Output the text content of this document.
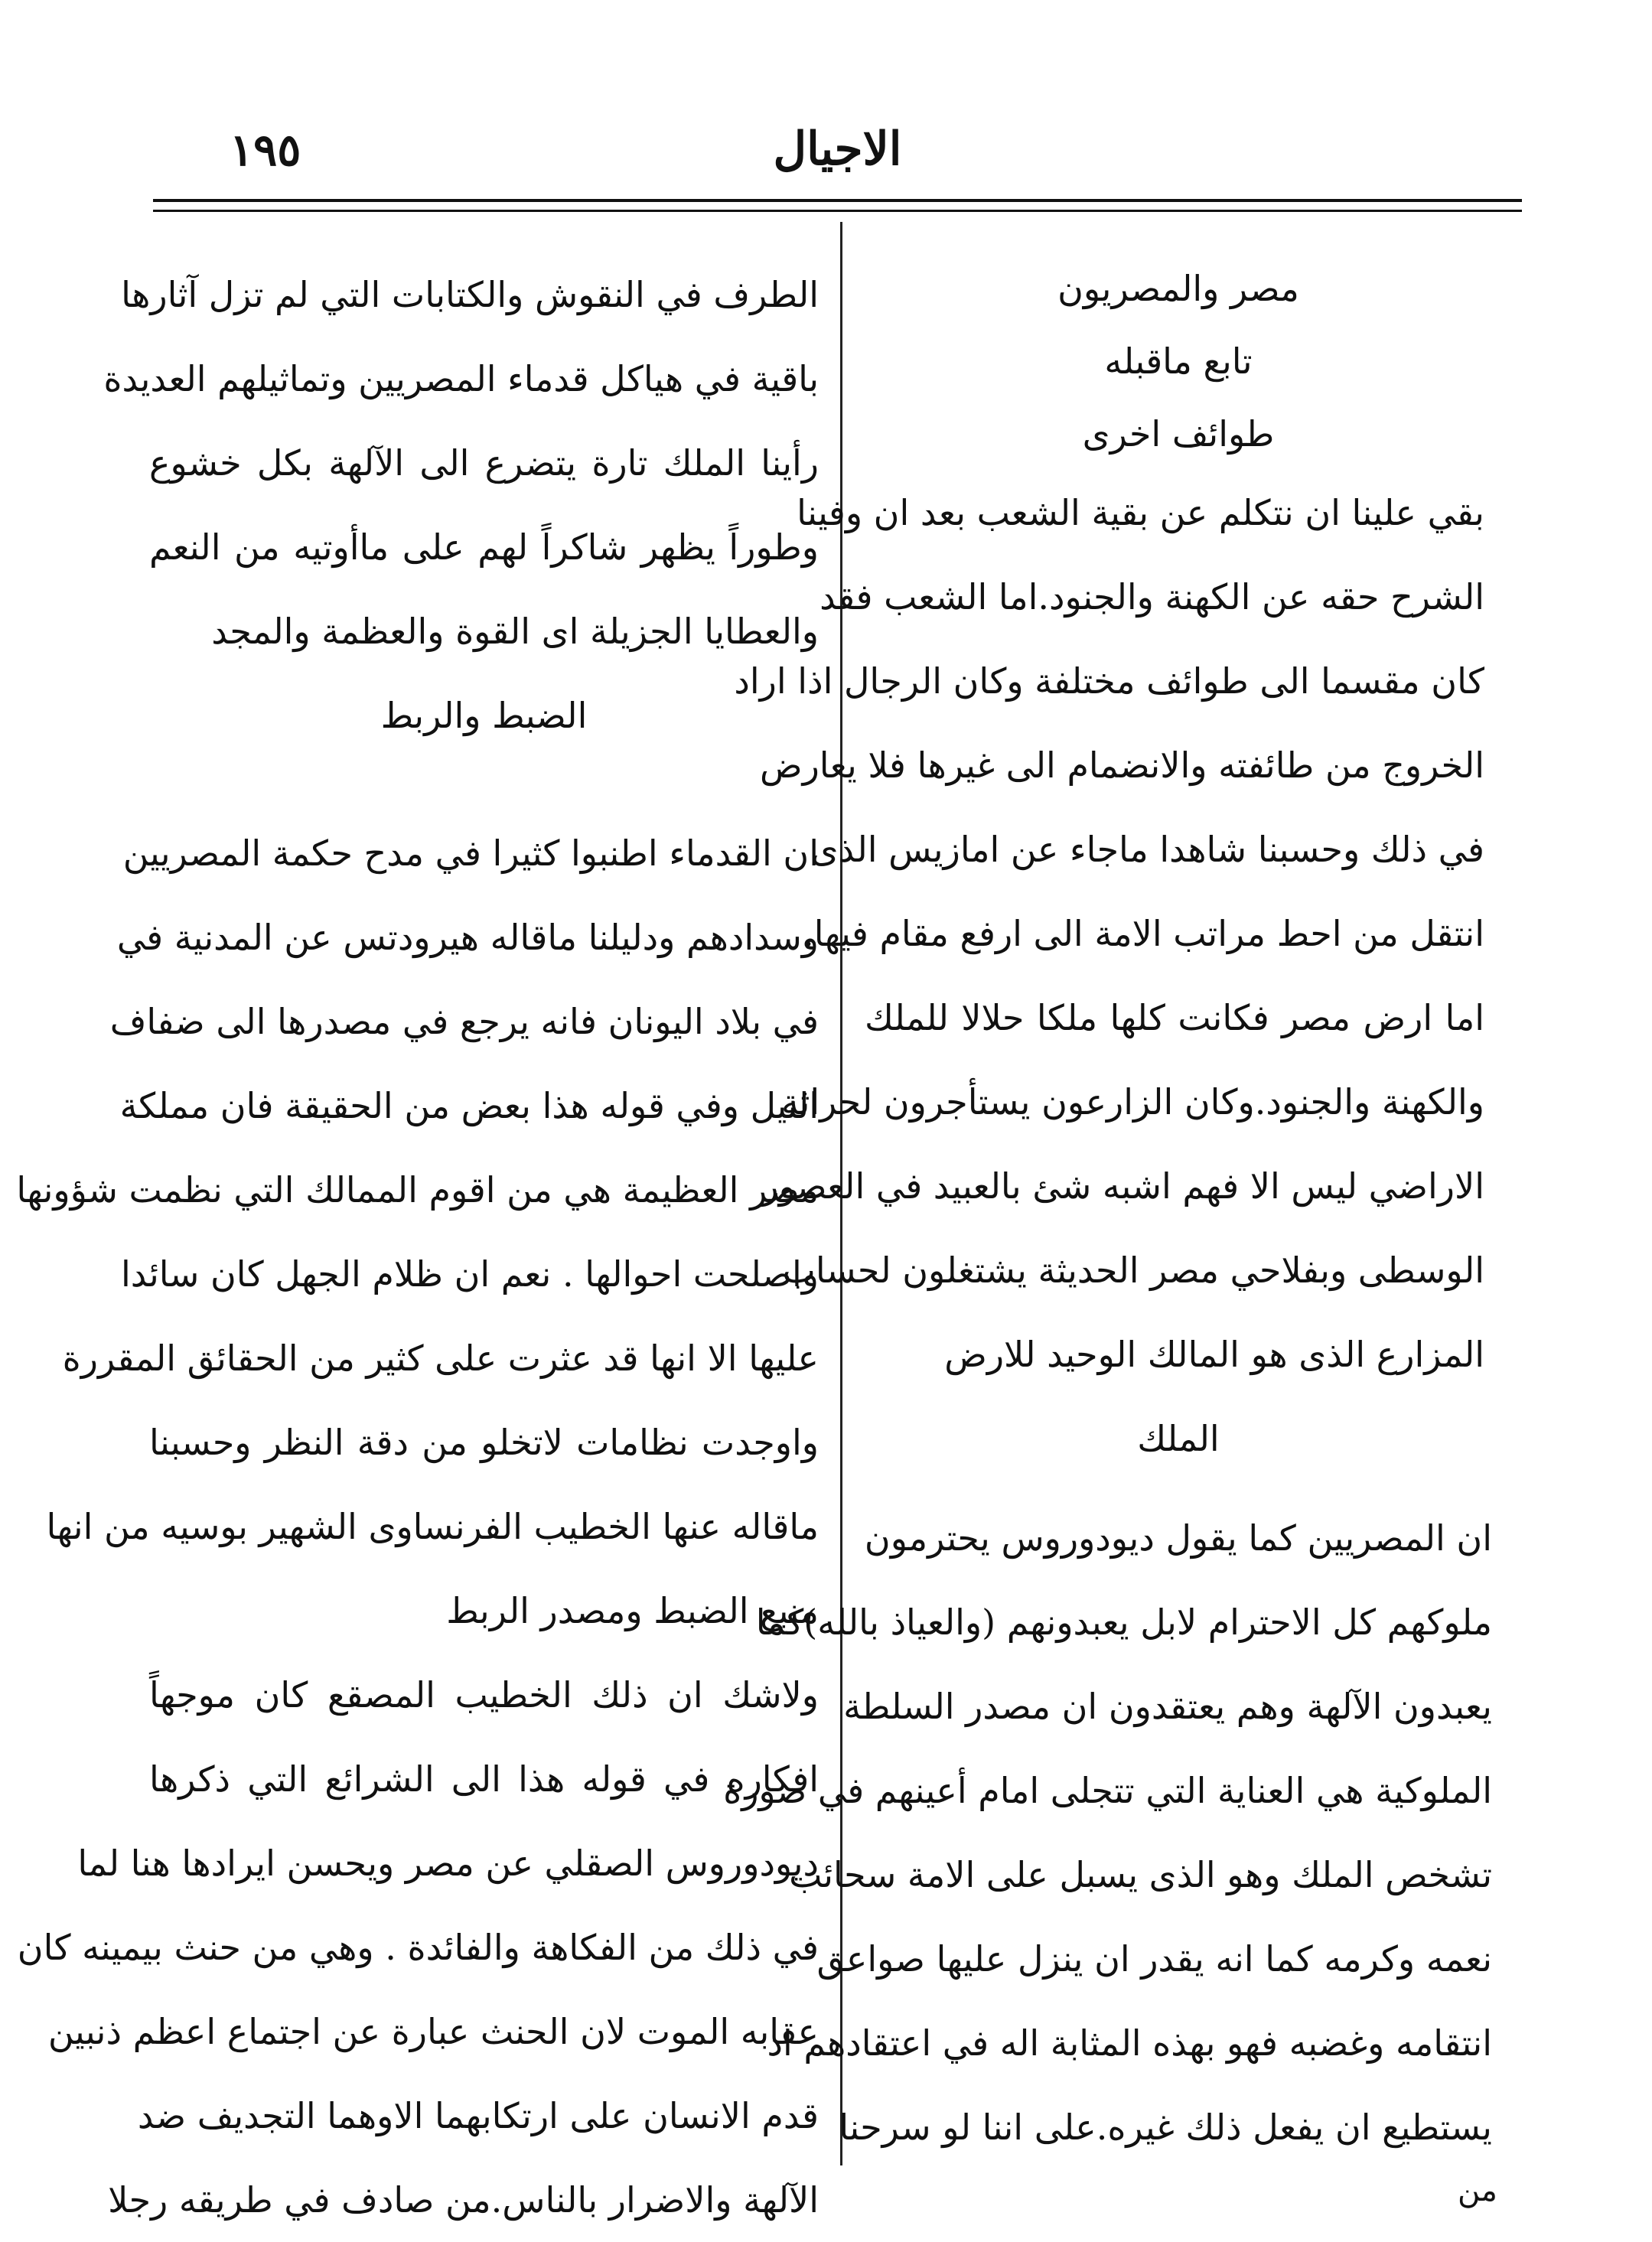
الاجيال
١٩٥
مصر والمصريون
تابع ماقبله
طوائف اخرى
بقي علينا ان نتكلم عن بقية الشعب بعد ان وفينا
الشرح حقه عن الكهنة والجنود.اما الشعب فقد
كان مقسما الى طوائف مختلفة وكان الرجال اذا اراد
الخروج من طائفته والانضمام الى غيرها فلا يعارض
في ذلك وحسبنا شاهدا ماجاء عن امازيس الذى
انتقل من احط مراتب الامة الى ارفع مقام فيها.
اما ارض مصر فكانت كلها ملكا حلالا للملك
والكهنة والجنود.وكان الزارعون يستأجرون لحراثة
الاراضي ليس الا فهم اشبه شئ بالعبيد في العصور
الوسطى وبفلاحي مصر الحديثة يشتغلون لحساب
المزارع الذى هو المالك الوحيد للارض
الملك
ان المصريين كما يقول ديودوروس يحترمون
ملوكهم كل الاحترام لابل يعبدونهم (والعياذ بالله)كما
يعبدون الآلهة وهم يعتقدون ان مصدر السلطة
الملوكية هي العناية التي تتجلى امام أعينهم في صورة
تشخص الملك وهو الذى يسبل على الامة سحائب
نعمه وكرمه كما انه يقدر ان ينزل عليها صواعق
انتقامه وغضبه فهو بهذه المثابة اله في اعتقادهم اذ
يستطيع ان يفعل ذلك غيره.على اننا لو سرحنا
من
الطرف في النقوش والكتابات التي لم تزل آثارها
باقية في هياكل قدماء المصريين وتماثيلهم العديدة
رأينا الملك تارة يتضرع الى الآلهة بكل خشوع
وطوراً يظهر شاكراً لهم على ماأوتيه من النعم
والعطايا الجزيلة اى القوة والعظمة والمجد
الضبط والربط
ان القدماء اطنبوا كثيرا في مدح حكمة المصريين
وسدادهم ودليلنا ماقاله هيرودتس عن المدنية في
في بلاد اليونان فانه يرجع في مصدرها الى ضفاف
النيل وفي قوله هذا بعض من الحقيقة فان مملكة
مصر العظيمة هي من اقوم الممالك التي نظمت شؤونها
واصلحت احوالها . نعم ان ظلام الجهل كان سائدا
عليها الا انها قد عثرت على كثير من الحقائق المقررة
واوجدت نظامات لاتخلو من دقة النظر وحسبنا
ماقاله عنها الخطيب الفرنساوى الشهير بوسيه من انها
منبع الضبط ومصدر الربط
ولاشك ان ذلك الخطيب المصقع كان موجهاً
افكاره في قوله هذا الى الشرائع التي ذكرها
ديودوروس الصقلي عن مصر ويحسن ايرادها هنا لما
في ذلك من الفكاهة والفائدة . وهي من حنث بيمينه كان
عقابه الموت لان الحنث عبارة عن اجتماع اعظم ذنبين
قدم الانسان على ارتكابهما الاوهما التجديف ضد
الآلهة والاضرار بالناس.من صادف في طريقه رجلا
